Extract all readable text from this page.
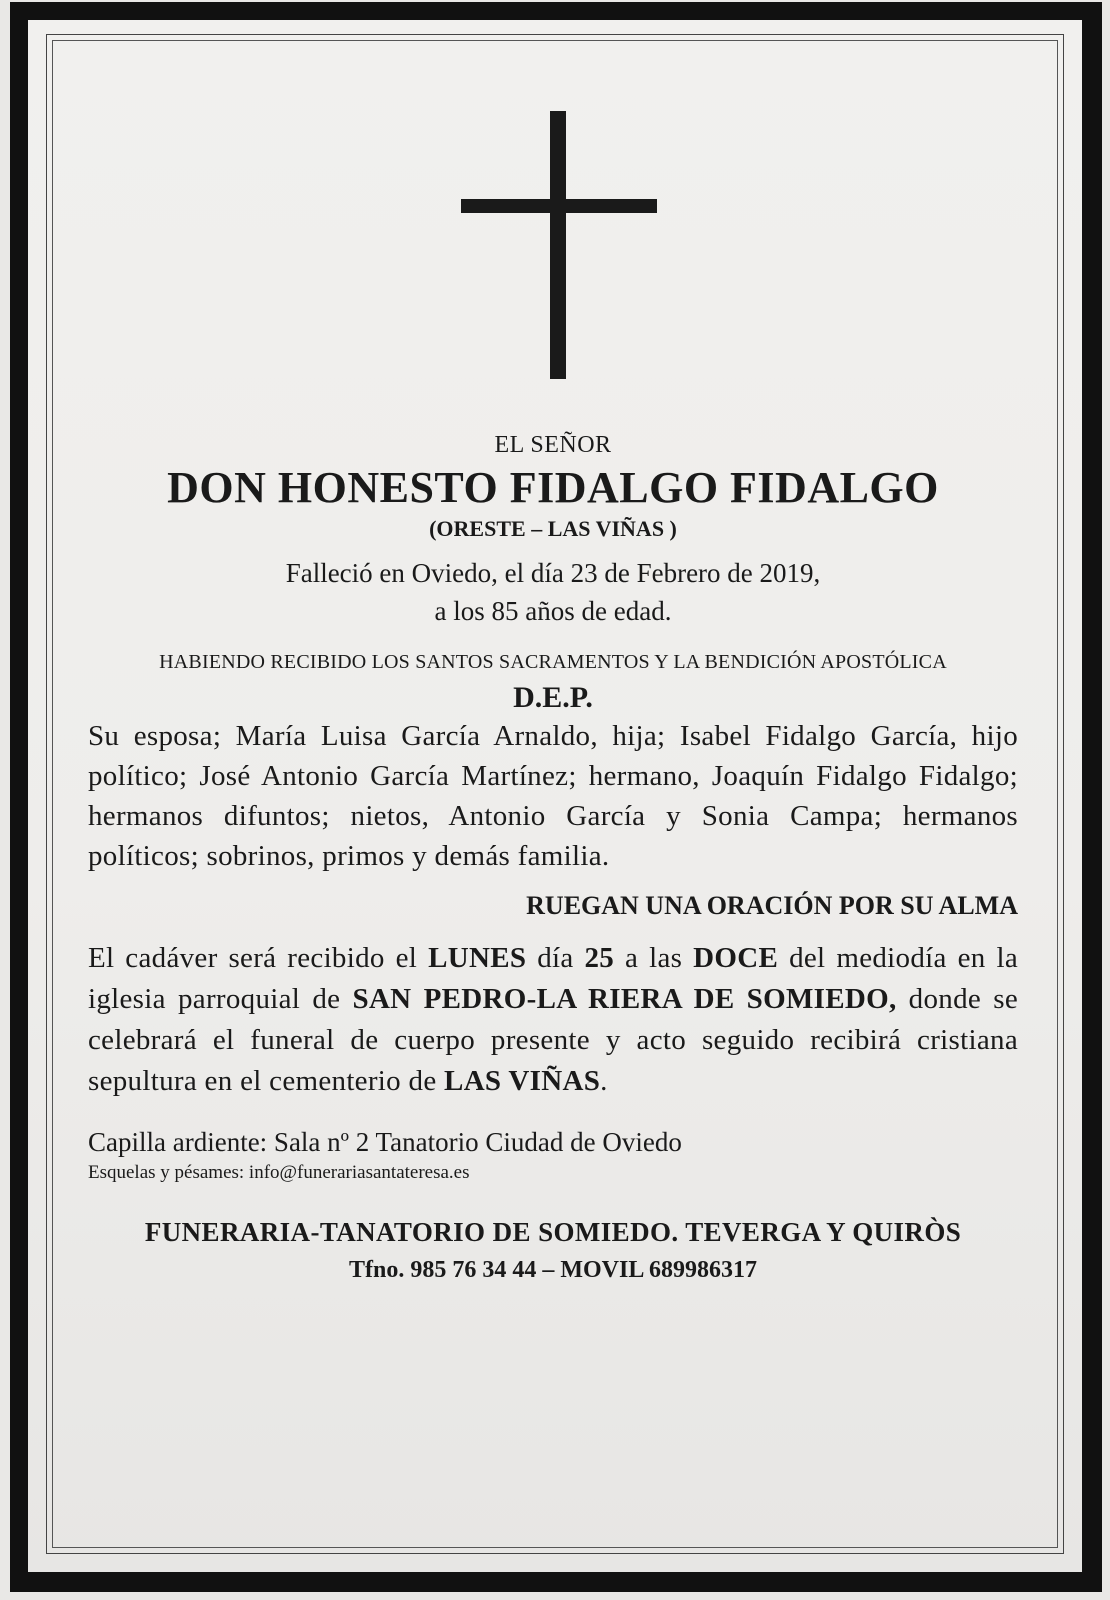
EL SEÑOR

DON HONESTO FIDALGO FIDALGO

(ORESTE – LAS VIÑAS )

Falleció en Oviedo, el día 23 de Febrero de 2019,
a los 85 años de edad.

HABIENDO RECIBIDO LOS SANTOS SACRAMENTOS Y LA BENDICIÓN APOSTÓLICA

D.E.P.

Su esposa; María Luisa García Arnaldo, hija; Isabel Fidalgo García, hijo político; José Antonio García Martínez; hermano, Joaquín Fidalgo Fidalgo; hermanos difuntos; nietos, Antonio García y Sonia Campa; hermanos políticos; sobrinos, primos y demás familia.

RUEGAN UNA ORACIÓN POR SU ALMA

El cadáver será recibido el LUNES día 25 a las DOCE del mediodía en la iglesia parroquial de SAN PEDRO-LA RIERA DE SOMIEDO, donde se celebrará el funeral de cuerpo presente y acto seguido recibirá cristiana sepultura en el cementerio de LAS VIÑAS.

Capilla ardiente: Sala nº 2 Tanatorio Ciudad de Oviedo

Esquelas y pésames: info@funerariasantateresa.es

FUNERARIA-TANATORIO DE SOMIEDO. TEVERGA Y QUIRÒS

Tfno. 985 76 34 44 – MOVIL 689986317
